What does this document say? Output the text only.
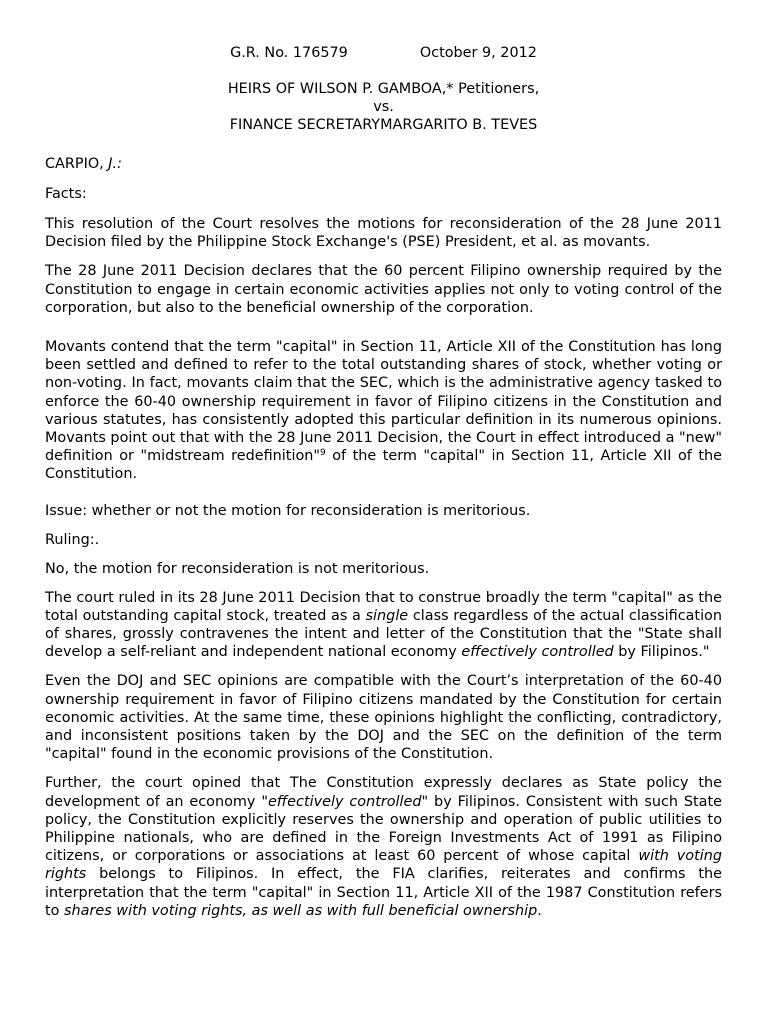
G.R. No. 176579	October 9, 2012
HEIRS OF WILSON P. GAMBOA,* Petitioners,
vs.
FINANCE SECRETARYMARGARITO B. TEVES

CARPIO, J.:

Facts:

This resolution of the Court resolves the motions for reconsideration of the 28 June 2011 Decision filed by the Philippine Stock Exchange's (PSE) President, et al. as movants.

The 28 June 2011 Decision declares that the 60 percent Filipino ownership required by the Constitution to engage in certain economic activities applies not only to voting control of the corporation, but also to the beneficial ownership of the corporation.

Movants contend that the term "capital" in Section 11, Article XII of the Constitution has long been settled and defined to refer to the total outstanding shares of stock, whether voting or non-voting. In fact, movants claim that the SEC, which is the administrative agency tasked to enforce the 60-40 ownership requirement in favor of Filipino citizens in the Constitution and various statutes, has consistently adopted this particular definition in its numerous opinions. Movants point out that with the 28 June 2011 Decision, the Court in effect introduced a "new" definition or "midstream redefinition"$^9$ of the term "capital" in Section 11, Article XII of the Constitution.

Issue: whether or not the motion for reconsideration is meritorious.

Ruling:.

No, the motion for reconsideration is not meritorious.

The court ruled in its 28 June 2011 Decision that to construe broadly the term "capital" as the total outstanding capital stock, treated as a single class regardless of the actual classification of shares, grossly contravenes the intent and letter of the Constitution that the "State shall develop a self-reliant and independent national economy effectively controlled by Filipinos."

Even the DOJ and SEC opinions are compatible with the Court’s interpretation of the 60-40 ownership requirement in favor of Filipino citizens mandated by the Constitution for certain economic activities. At the same time, these opinions highlight the conflicting, contradictory, and inconsistent positions taken by the DOJ and the SEC on the definition of the term "capital" found in the economic provisions of the Constitution.

Further, the court opined that The Constitution expressly declares as State policy the development of an economy "effectively controlled" by Filipinos. Consistent with such State policy, the Constitution explicitly reserves the ownership and operation of public utilities to Philippine nationals, who are defined in the Foreign Investments Act of 1991 as Filipino citizens, or corporations or associations at least 60 percent of whose capital with voting rights belongs to Filipinos. In effect, the FIA clarifies, reiterates and confirms the interpretation that the term "capital" in Section 11, Article XII of the 1987 Constitution refers to shares with voting rights, as well as with full beneficial ownership.
